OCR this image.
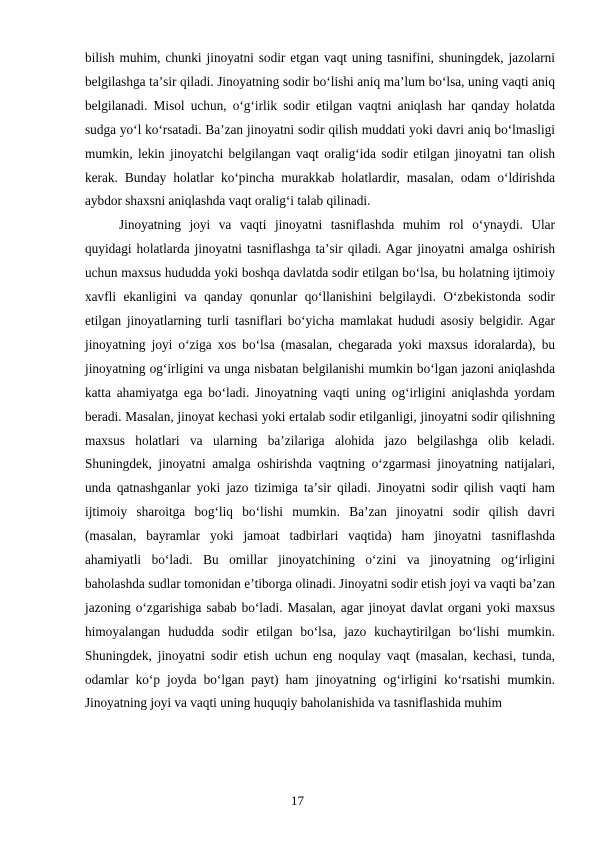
bilish muhim, chunki jinoyatni sodir etgan vaqt uning tasnifini, shuningdek, jazolarni belgilashga taʼsir qiladi. Jinoyatning sodir boʻlishi aniq maʼlum boʻlsa, uning vaqti aniq belgilanadi. Misol uchun, oʻgʻirlik sodir etilgan vaqtni aniqlash har qanday holatda sudga yoʻl koʻrsatadi. Baʼzan jinoyatni sodir qilish muddati yoki davri aniq boʻlmasligi mumkin, lekin jinoyatchi belgilangan vaqt oraligʻida sodir etilgan jinoyatni tan olish kerak. Bunday holatlar koʻpincha murakkab holatlardir, masalan, odam oʻldirishda aybdor shaxsni aniqlashda vaqt oraligʻi talab qilinadi.

Jinoyatning joyi va vaqti jinoyatni tasniflashda muhim rol oʻynaydi. Ular quyidagi holatlarda jinoyatni tasniflashga taʼsir qiladi. Agar jinoyatni amalga oshirish uchun maxsus hududda yoki boshqa davlatda sodir etilgan boʻlsa, bu holatning ijtimoiy xavfli ekanligini va qanday qonunlar qoʻllanishini belgilaydi. Oʻzbekistonda sodir etilgan jinoyatlarning turli tasniflari boʻyicha mamlakat hududi asosiy belgidir. Agar jinoyatning joyi oʻziga xos boʻlsa (masalan, chegarada yoki maxsus idoralarda), bu jinoyatning ogʻirligini va unga nisbatan belgilanishi mumkin boʻlgan jazoni aniqlashda katta ahamiyatga ega boʻladi. Jinoyatning vaqti uning ogʻirligini aniqlashda yordam beradi. Masalan, jinoyat kechasi yoki ertalab sodir etilganligi, jinoyatni sodir qilishning maxsus holatlari va ularning baʼzilariga alohida jazo belgilashga olib keladi. Shuningdek, jinoyatni amalga oshirishda vaqtning oʻzgarmasi jinoyatning natijalari, unda qatnashganlar yoki jazo tizimiga taʼsir qiladi. Jinoyatni sodir qilish vaqti ham ijtimoiy sharoitga bogʻliq boʻlishi mumkin. Baʼzan jinoyatni sodir qilish davri (masalan, bayramlar yoki jamoat tadbirlari vaqtida) ham jinoyatni tasniflashda ahamiyatli boʻladi. Bu omillar jinoyatchining oʻzini va jinoyatning ogʻirligini baholashda sudlar tomonidan eʼtiborga olinadi. Jinoyatni sodir etish joyi va vaqti baʼzan jazoning oʻzgarishiga sabab boʻladi. Masalan, agar jinoyat davlat organi yoki maxsus himoyalangan hududda sodir etilgan boʻlsa, jazo kuchaytirilgan boʻlishi mumkin. Shuningdek, jinoyatni sodir etish uchun eng noqulay vaqt (masalan, kechasi, tunda, odamlar koʻp joyda boʻlgan payt) ham jinoyatning ogʻirligini koʻrsatishi mumkin. Jinoyatning joyi va vaqti uning huquqiy baholanishida va tasniflashida muhim

17
